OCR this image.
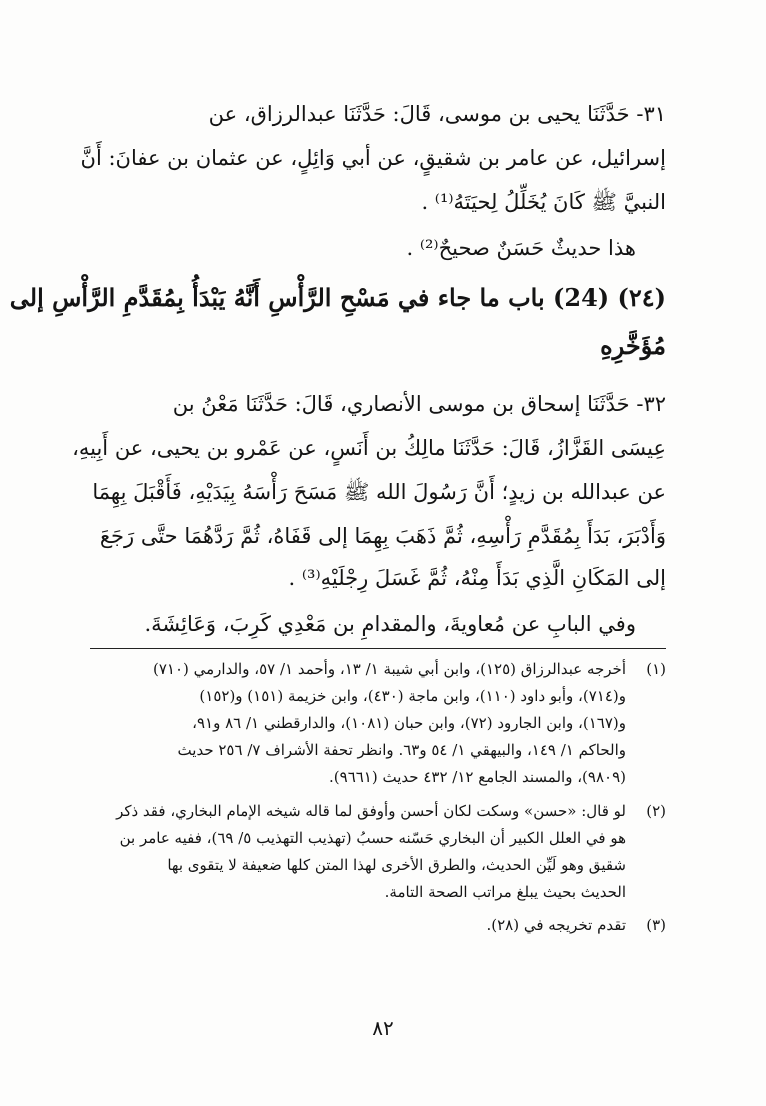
٣١- حَدَّثَنَا يحيى بن موسى، قَالَ: حَدَّثَنَا عبدالرزاق، عن
إسرائيل، عن عامر بن شقيقٍ، عن أبي وَائِلٍ، عن عثمان بن عفانَ: أَنَّ
النبيَّ ﷺ كَانَ يُخَلِّلُ لِحيَتَهُ⁽¹⁾ .
هذا حديثٌ حَسَنٌ صحيحٌ⁽²⁾ .
(٢٤) (24) باب ما جاء في مَسْحِ الرَّأْسِ أَنَّهُ يَبْدَأُ بِمُقَدَّمِ الرَّأْسِ إلى
مُؤَخَّرِهِ
٣٢- حَدَّثَنَا إسحاق بن موسى الأنصاري، قَالَ: حَدَّثَنَا مَعْنُ بن
عِيسَى القَزَّازُ، قَالَ: حَدَّثَنَا مالِكُ بن أَنَسٍ، عن عَمْرو بن يحيى، عن أَبِيهِ،
عن عبدالله بن زيدٍ؛ أَنَّ رَسُولَ الله ﷺ مَسَحَ رَأْسَهُ بِيَدَيْهِ، فَأَقْبَلَ بِهِمَا
وَأَدْبَرَ، بَدَأَ بِمُقَدَّمِ رَأْسِهِ، ثُمَّ ذَهَبَ بِهِمَا إلى قَفَاهُ، ثُمَّ رَدَّهُمَا حتَّى رَجَعَ
إلى المَكَانِ الَّذِي بَدَأَ مِنْهُ، ثُمَّ غَسَلَ رِجْلَيْهِ⁽³⁾ .
وفي البابِ عن مُعاويةَ، والمقدامِ بن مَعْدِي كَرِبَ، وَعَائِشَةَ.
(١)
أخرجه عبدالرزاق (١٢٥)، وابن أبي شيبة ١/ ١٣، وأحمد ١/ ٥٧، والدارمي (٧١٠)
و(٧١٤)، وأبو داود (١١٠)، وابن ماجة (٤٣٠)، وابن خزيمة (١٥١) و(١٥٢)
و(١٦٧)، وابن الجارود (٧٢)، وابن حبان (١٠٨١)، والدارقطني ١/ ٨٦ و٩١،
والحاكم ١/ ١٤٩، والبيهقي ١/ ٥٤ و٦٣. وانظر تحفة الأشراف ٧/ ٢٥٦ حديث
(٩٨٠٩)، والمسند الجامع ١٢/ ٤٣٢ حديث (٩٦٦١).
(٢)
لو قال: «حسن» وسكت لكان أحسن وأوفق لما قاله شيخه الإمام البخاري، فقد ذكر
هو في العلل الكبير أن البخاري حَسّنه حسبُ (تهذيب التهذيب ٥/ ٦٩)، ففيه عامر بن
شقيق وهو لَيِّن الحديث، والطرق الأخرى لهذا المتن كلها ضعيفة لا يتقوى بها
الحديث بحيث يبلغ مراتب الصحة التامة.
(٣)
تقدم تخريجه في (٢٨).
٨٢
